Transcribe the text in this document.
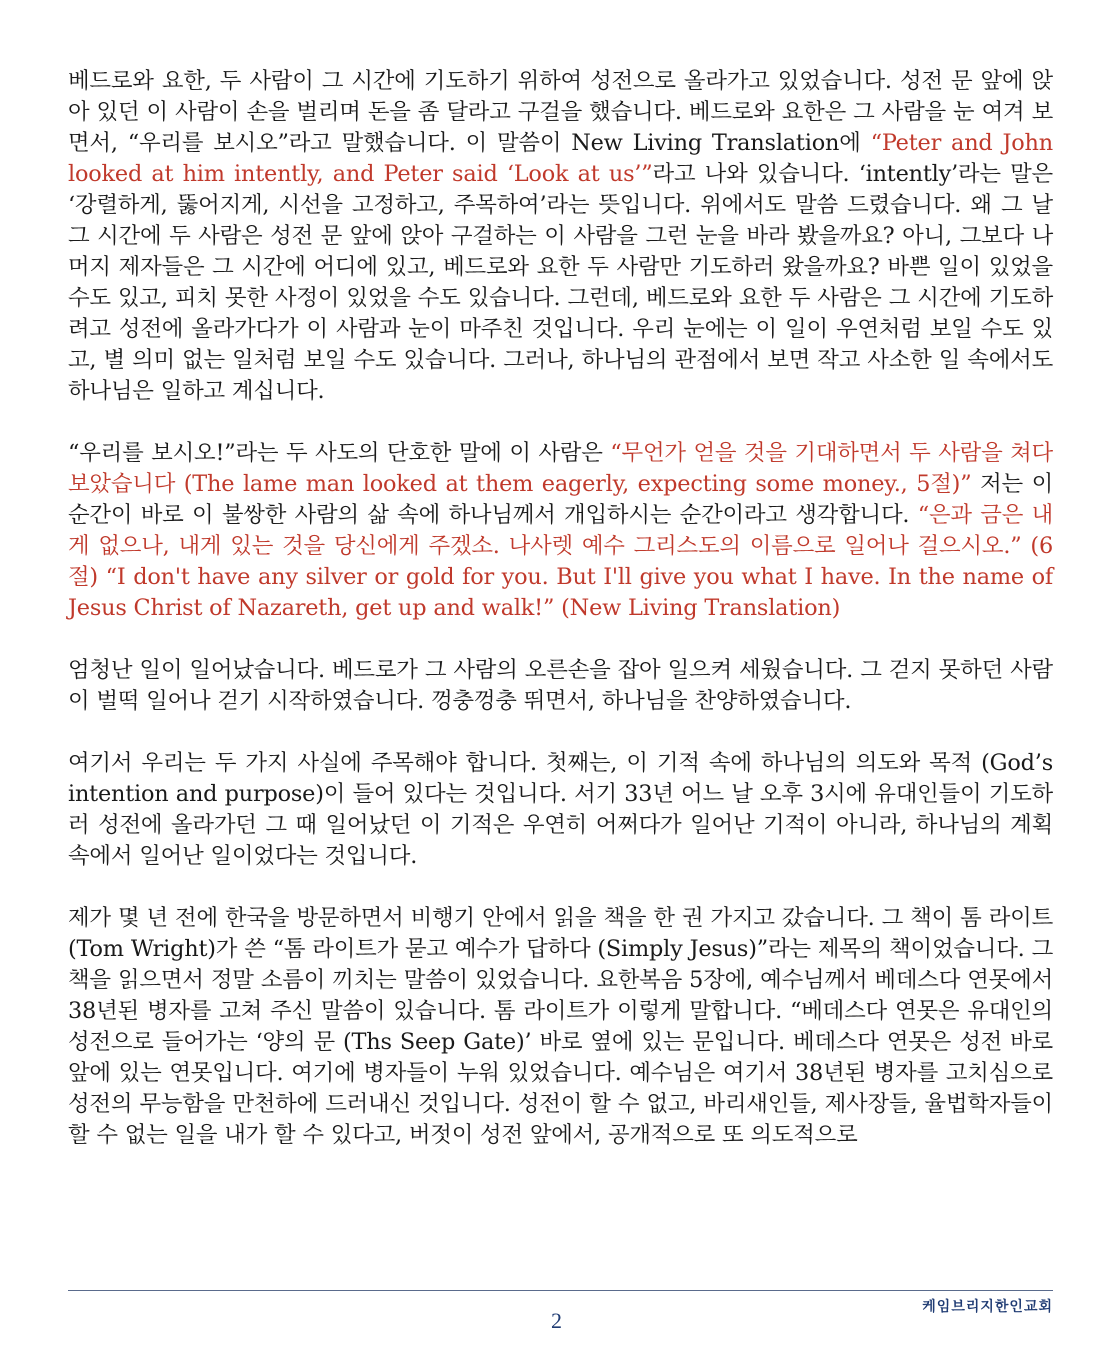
베드로와 요한, 두 사람이 그 시간에 기도하기 위하여 성전으로 올라가고 있었습니다. 성전 문 앞에 앉아 있던 이 사람이 손을 벌리며 돈을 좀 달라고 구걸을 했습니다. 베드로와 요한은 그 사람을 눈 여겨 보면서, “우리를 보시오”라고 말했습니다. 이 말씀이 New Living Translation에 “Peter and John looked at him intently, and Peter said ‘Look at us’”라고 나와 있습니다. ‘intently’라는 말은 ‘강렬하게, 뚫어지게, 시선을 고정하고, 주목하여’라는 뜻입니다. 위에서도 말씀 드렸습니다. 왜 그 날 그 시간에 두 사람은 성전 문 앞에 앉아 구걸하는 이 사람을 그런 눈을 바라 봤을까요? 아니, 그보다 나머지 제자들은 그 시간에 어디에 있고, 베드로와 요한 두 사람만 기도하러 왔을까요? 바쁜 일이 있었을 수도 있고, 피치 못한 사정이 있었을 수도 있습니다. 그런데, 베드로와 요한 두 사람은 그 시간에 기도하려고 성전에 올라가다가 이 사람과 눈이 마주친 것입니다. 우리 눈에는 이 일이 우연처럼 보일 수도 있고, 별 의미 없는 일처럼 보일 수도 있습니다. 그러나, 하나님의 관점에서 보면 작고 사소한 일 속에서도 하나님은 일하고 계십니다.

“우리를 보시오!”라는 두 사도의 단호한 말에 이 사람은 “무언가 얻을 것을 기대하면서 두 사람을 쳐다보았습니다 (The lame man looked at them eagerly, expecting some money., 5절)” 저는 이 순간이 바로 이 불쌍한 사람의 삶 속에 하나님께서 개입하시는 순간이라고 생각합니다. “은과 금은 내게 없으나, 내게 있는 것을 당신에게 주겠소. 나사렛 예수 그리스도의 이름으로 일어나 걸으시오.” (6절) “I don't have any silver or gold for you. But I'll give you what I have. In the name of Jesus Christ of Nazareth, get up and walk!” (New Living Translation)

엄청난 일이 일어났습니다. 베드로가 그 사람의 오른손을 잡아 일으켜 세웠습니다. 그 걷지 못하던 사람이 벌떡 일어나 걷기 시작하였습니다. 껑충껑충 뛰면서, 하나님을 찬양하였습니다.

여기서 우리는 두 가지 사실에 주목해야 합니다. 첫째는, 이 기적 속에 하나님의 의도와 목적 (God’s intention and purpose)이 들어 있다는 것입니다. 서기 33년 어느 날 오후 3시에 유대인들이 기도하러 성전에 올라가던 그 때 일어났던 이 기적은 우연히 어쩌다가 일어난 기적이 아니라, 하나님의 계획 속에서 일어난 일이었다는 것입니다.

제가 몇 년 전에 한국을 방문하면서 비행기 안에서 읽을 책을 한 권 가지고 갔습니다. 그 책이 톰 라이트 (Tom Wright)가 쓴 “톰 라이트가 묻고 예수가 답하다 (Simply Jesus)”라는 제목의 책이었습니다. 그 책을 읽으면서 정말 소름이 끼치는 말씀이 있었습니다. 요한복음 5장에, 예수님께서 베데스다 연못에서 38년된 병자를 고쳐 주신 말씀이 있습니다. 톰 라이트가 이렇게 말합니다. “베데스다 연못은 유대인의 성전으로 들어가는 ‘양의 문 (Ths Seep Gate)’ 바로 옆에 있는 문입니다. 베데스다 연못은 성전 바로 앞에 있는 연못입니다. 여기에 병자들이 누워 있었습니다. 예수님은 여기서 38년된 병자를 고치심으로 성전의 무능함을 만천하에 드러내신 것입니다. 성전이 할 수 없고, 바리새인들, 제사장들, 율법학자들이 할 수 없는 일을 내가 할 수 있다고, 버젓이 성전 앞에서, 공개적으로 또 의도적으로

케임브리지한인교회
2
